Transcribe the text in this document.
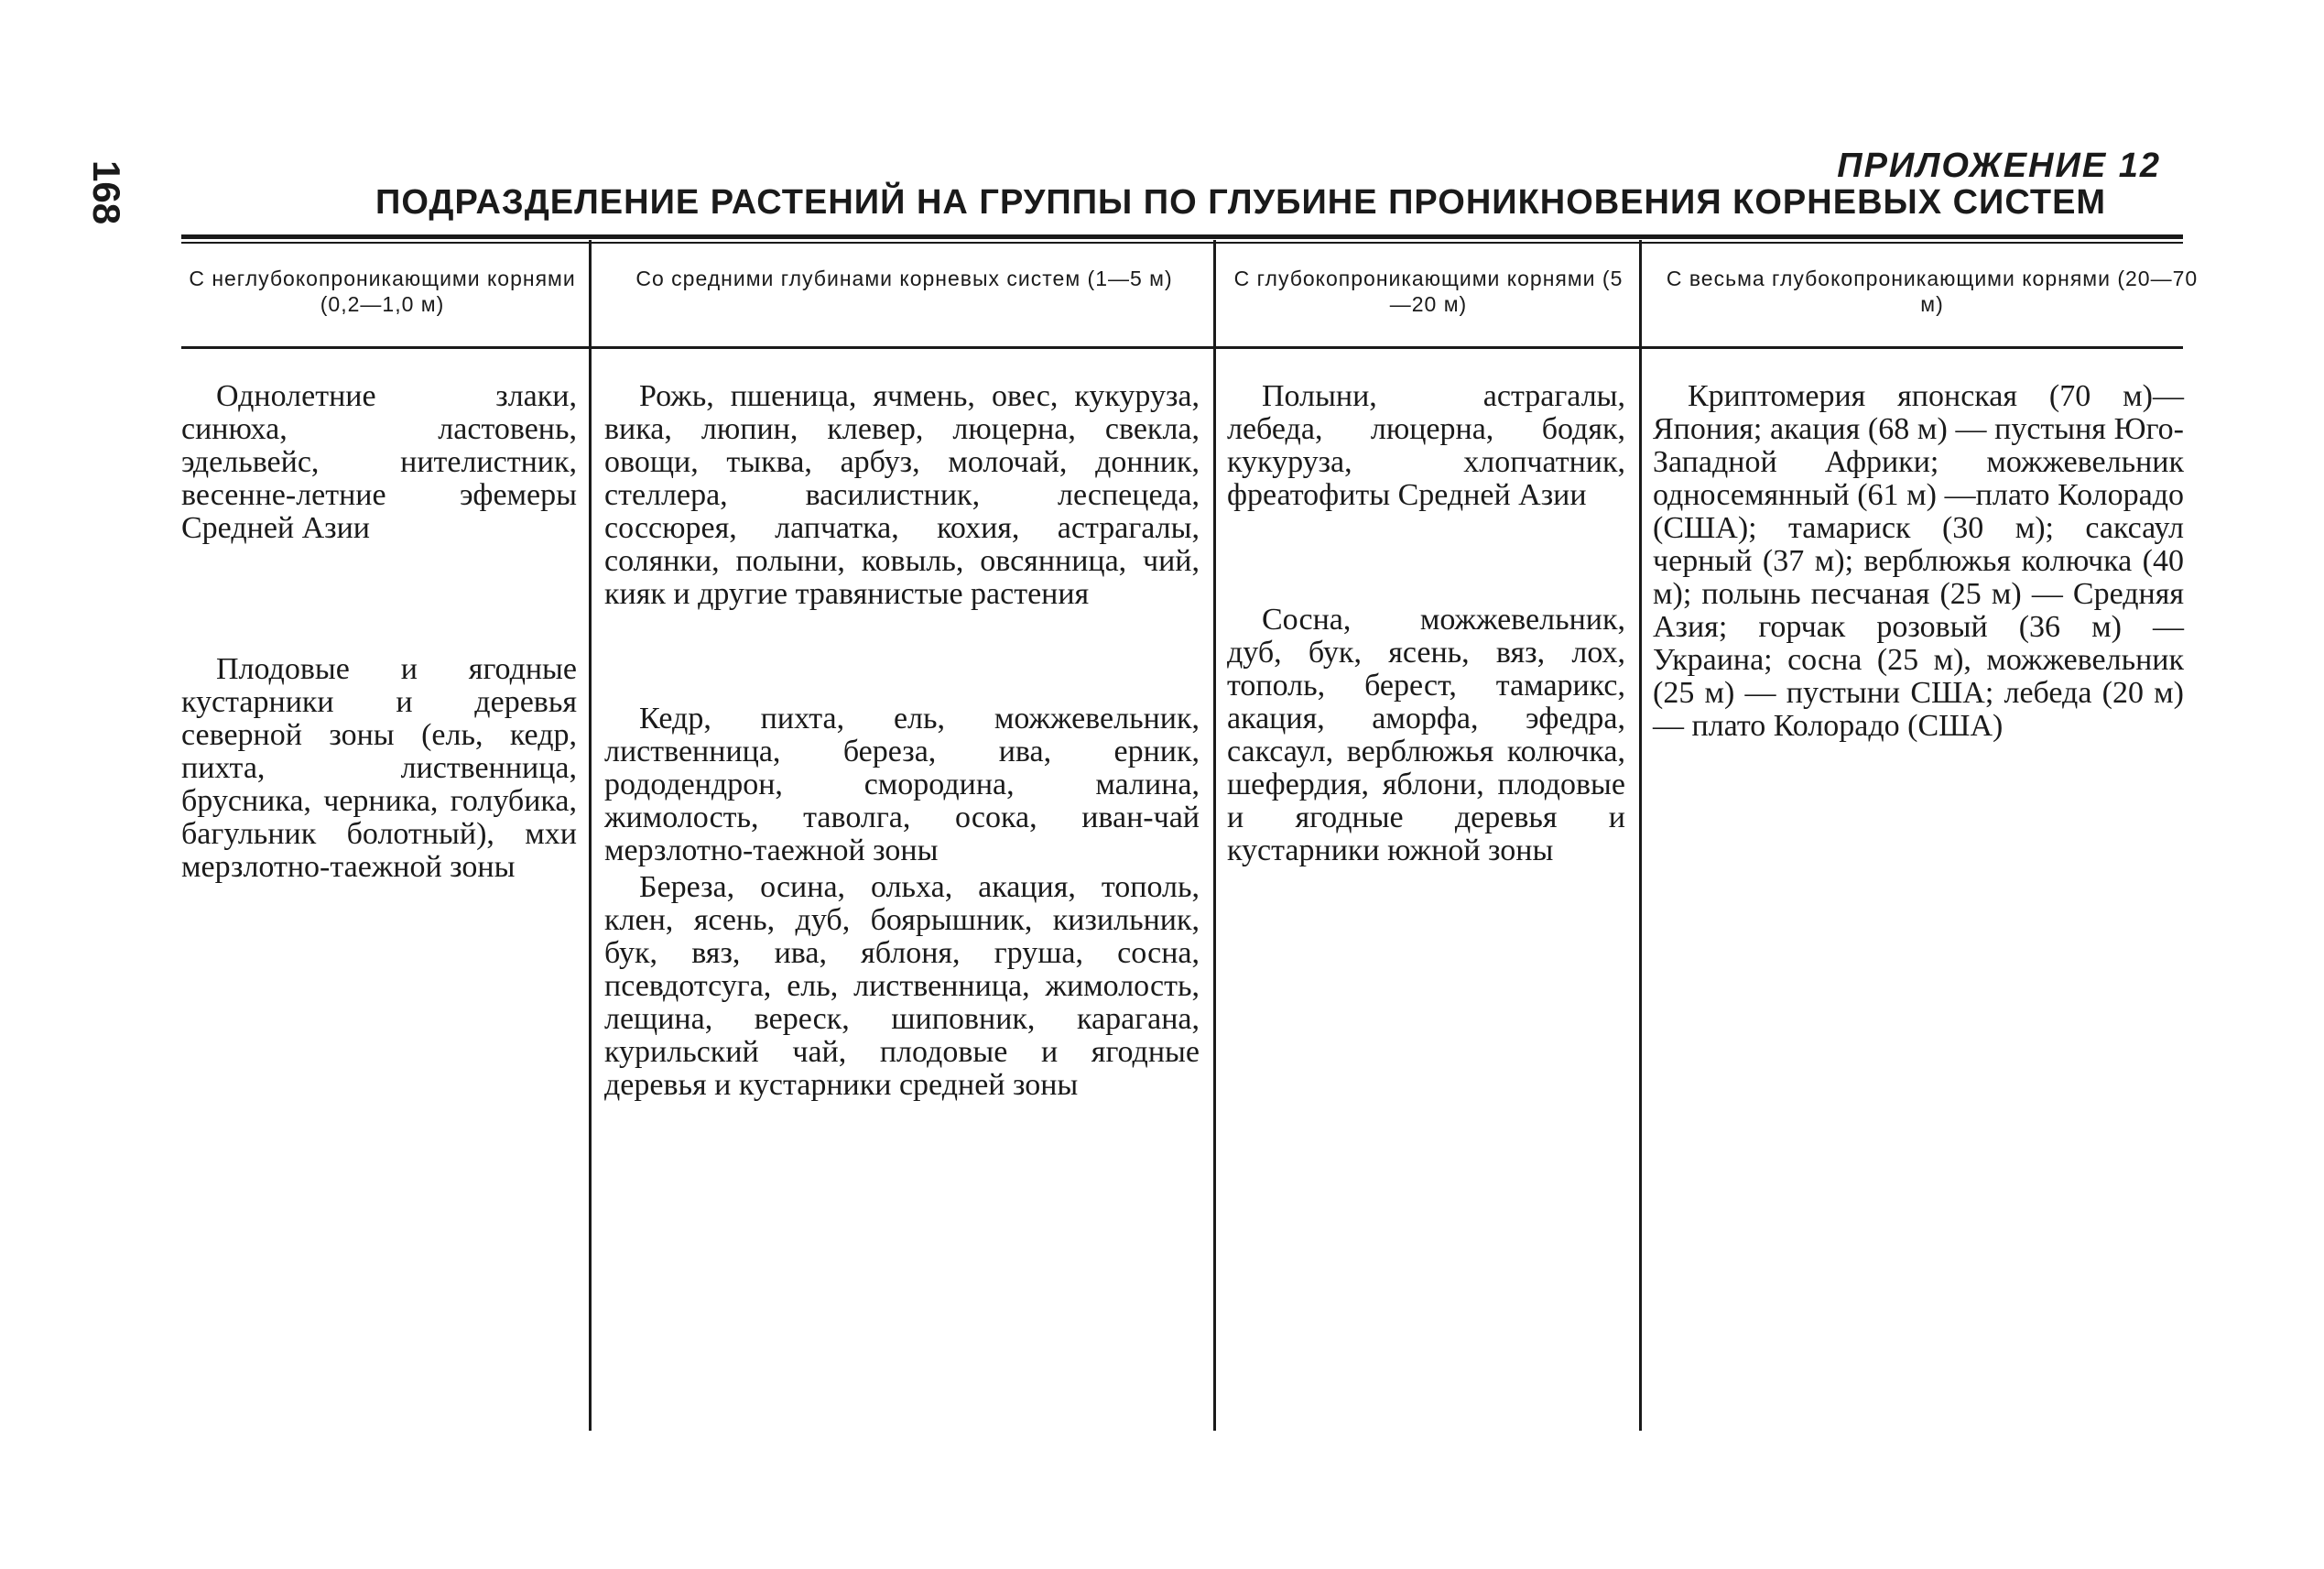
168	ПРИЛОЖЕНИЕ 12
ПОДРАЗДЕЛЕНИЕ РАСТЕНИЙ НА ГРУППЫ ПО ГЛУБИНЕ ПРОНИКНОВЕНИЯ КОРНЕВЫХ СИСТЕМ
С неглубокопроникающими корнями (0,2—1,0 м)
Со средними глубинами корневых систем (1—5 м)	С глубокопроникающими корнями (5—20 м)
С весьма глубокопроникающими корнями (20—70 м)

Однолетние злаки, синюха, ластовень, эдельвейс, нителистник, весенне-летние эфемеры Средней Азии

Плодовые и ягодные кустарники и деревья северной зоны (ель, кедр, пихта, лиственница, брусника, черника, голубика, багульник болотный), мхи мерзлотно-таежной зоны

Рожь, пшеница, ячмень, овес, кукуруза, вика, люпин, клевер, люцерна, свекла, овощи, тыква, арбуз, молочай, донник, стеллера, василистник, леспецеда, соссюрея, лапчатка, кохия, астрагалы, солянки, полыни, ковыль, овсянница, чий, кияк и другие травянистые растения

Кедр, пихта, ель, можжевельник, лиственница, береза, ива, ерник, рододендрон, смородина, малина, жимолость, таволга, осока, иван-чай мерзлотно-таежной зоны

Береза, осина, ольха, акация, тополь, клен, ясень, дуб, боярышник, кизильник, бук, вяз, ива, яблоня, груша, сосна, псевдотсуга, ель, лиственница, жимолость, лещина, вереск, шиповник, карагана, курильский чай, плодовые и ягодные деревья и кустарники средней зоны

Полыни, астрагалы, лебеда, люцерна, бодяк, кукуруза, хлопчатник, фреатофиты Средней Азии

Сосна, можжевельник, дуб, бук, ясень, вяз, лох, тополь, берест, тамарикс, акация, аморфа, эфедра, саксаул, верблюжья колючка, шефердия, яблони, плодовые и ягодные деревья и кустарники южной зоны

Криптомерия японская (70 м)— Япония; акация (68 м) — пустыня Юго-Западной Африки; можжевельник односемянный (61 м) —плато Колорадо (США); тамариск (30 м); саксаул черный (37 м); верблюжья колючка (40 м); полынь песчаная (25 м) — Средняя Азия; горчак розовый (36 м) — Украина; сосна (25 м), можжевельник (25 м) — пустыни США; лебеда (20 м) — плато Колорадо (США)
